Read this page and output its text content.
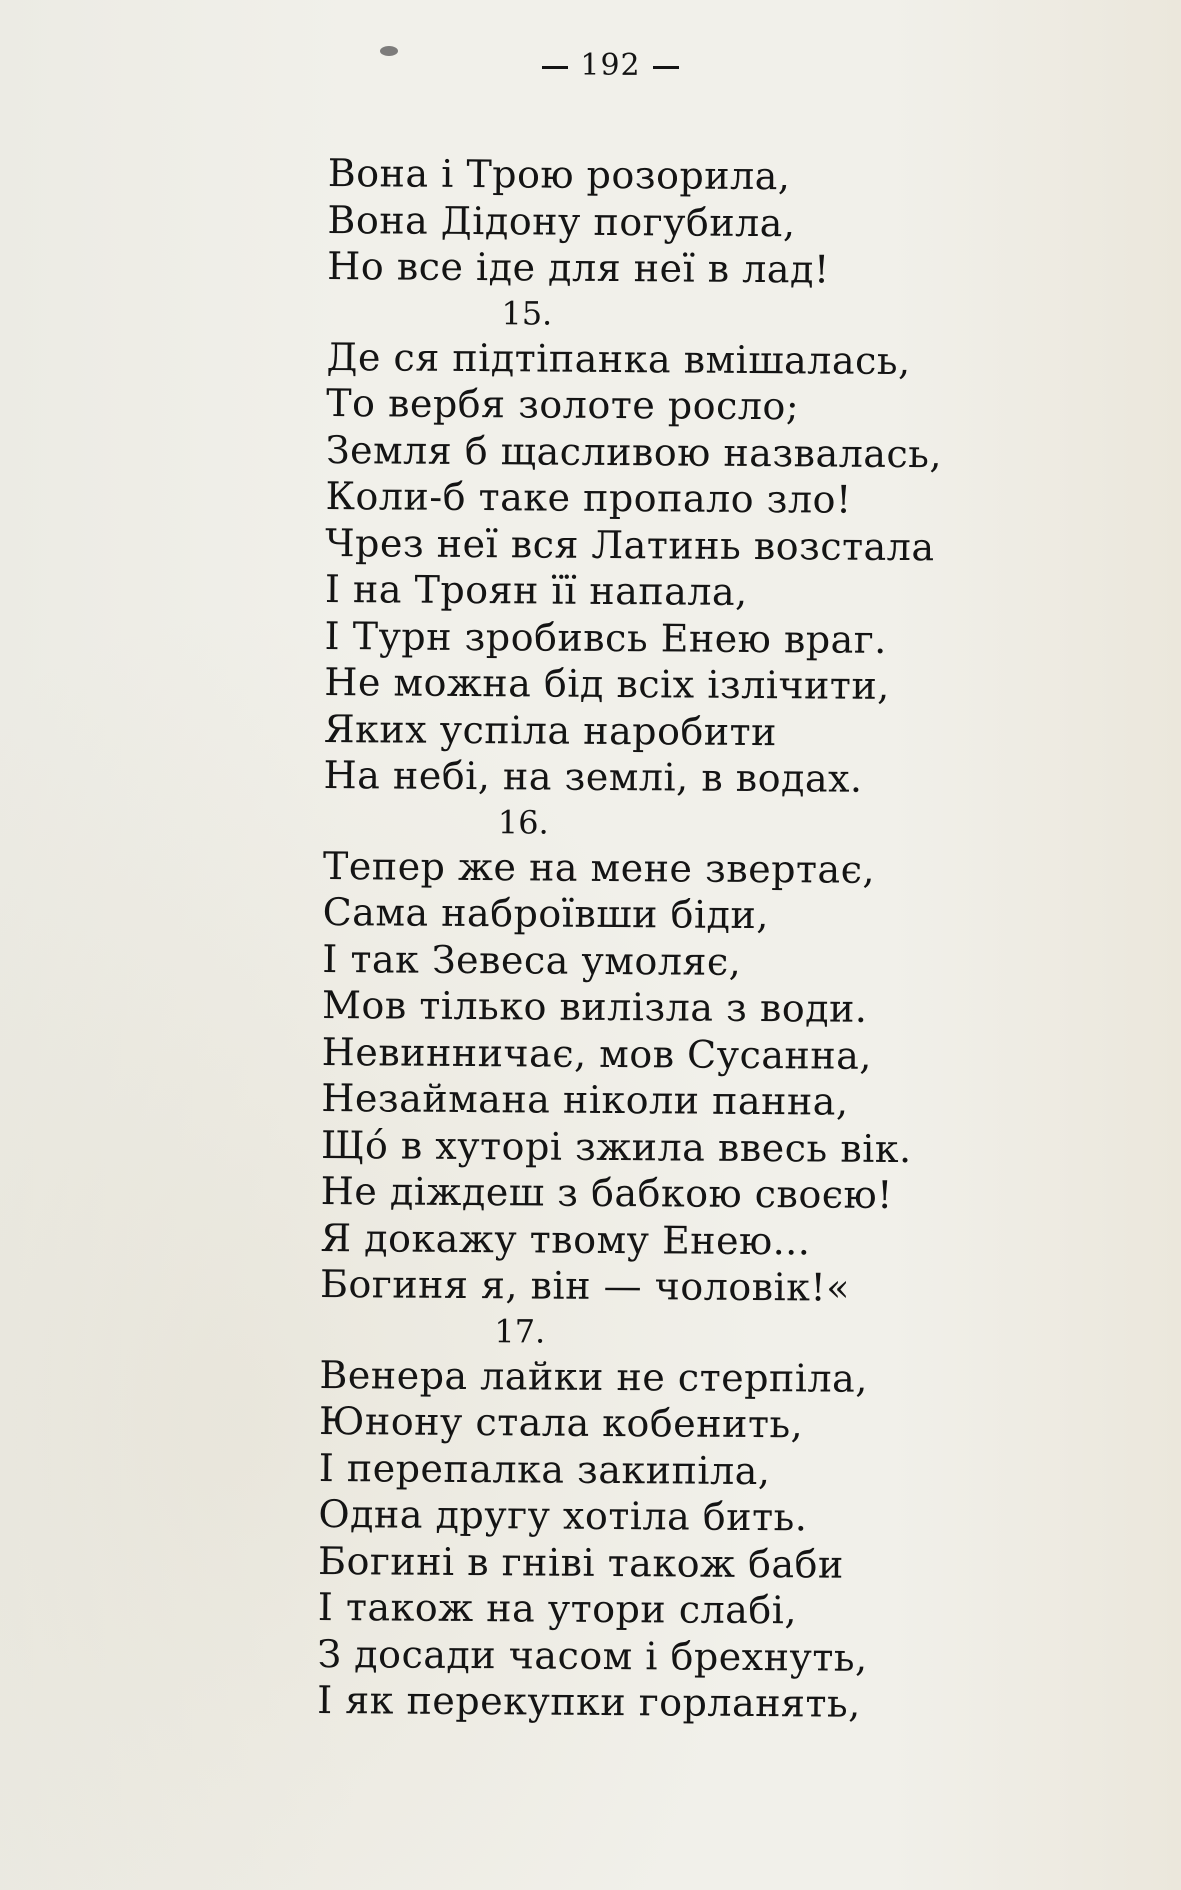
192
Вона і Трою розорила,
Вона Дідону погубила,
Но все іде для неї в лад!
15.
Де ся підтіпанка вмішалась,
То вербя золоте росло;
Земля б щасливою назвалась,
Коли-б таке пропало зло!
Чрез неї вся Латинь возстала
І на Троян її напала,
І Турн зробивсь Енею враг.
Не можна бід всіх ізлічити,
Яких успіла наробити
На небі, на землі, в водах.
16.
Тепер же на мене звертає,
Сама наброївши біди,
І так Зевеса умоляє,
Мов тілько вилізла з води.
Невинничає, мов Сусанна,
Незаймана ніколи панна,
Щó в хуторі зжила ввесь вік.
Не діждеш з бабкою своєю!
Я докажу твому Енею...
Богиня я, він — чоловік!«
17.
Венера лайки не стерпіла,
Юнону стала кобенить,
І перепалка закипіла,
Одна другу хотіла бить.
Богині в гніві також баби
І також на утори слабі,
З досади часом і брехнуть,
І як перекупки горланять,
